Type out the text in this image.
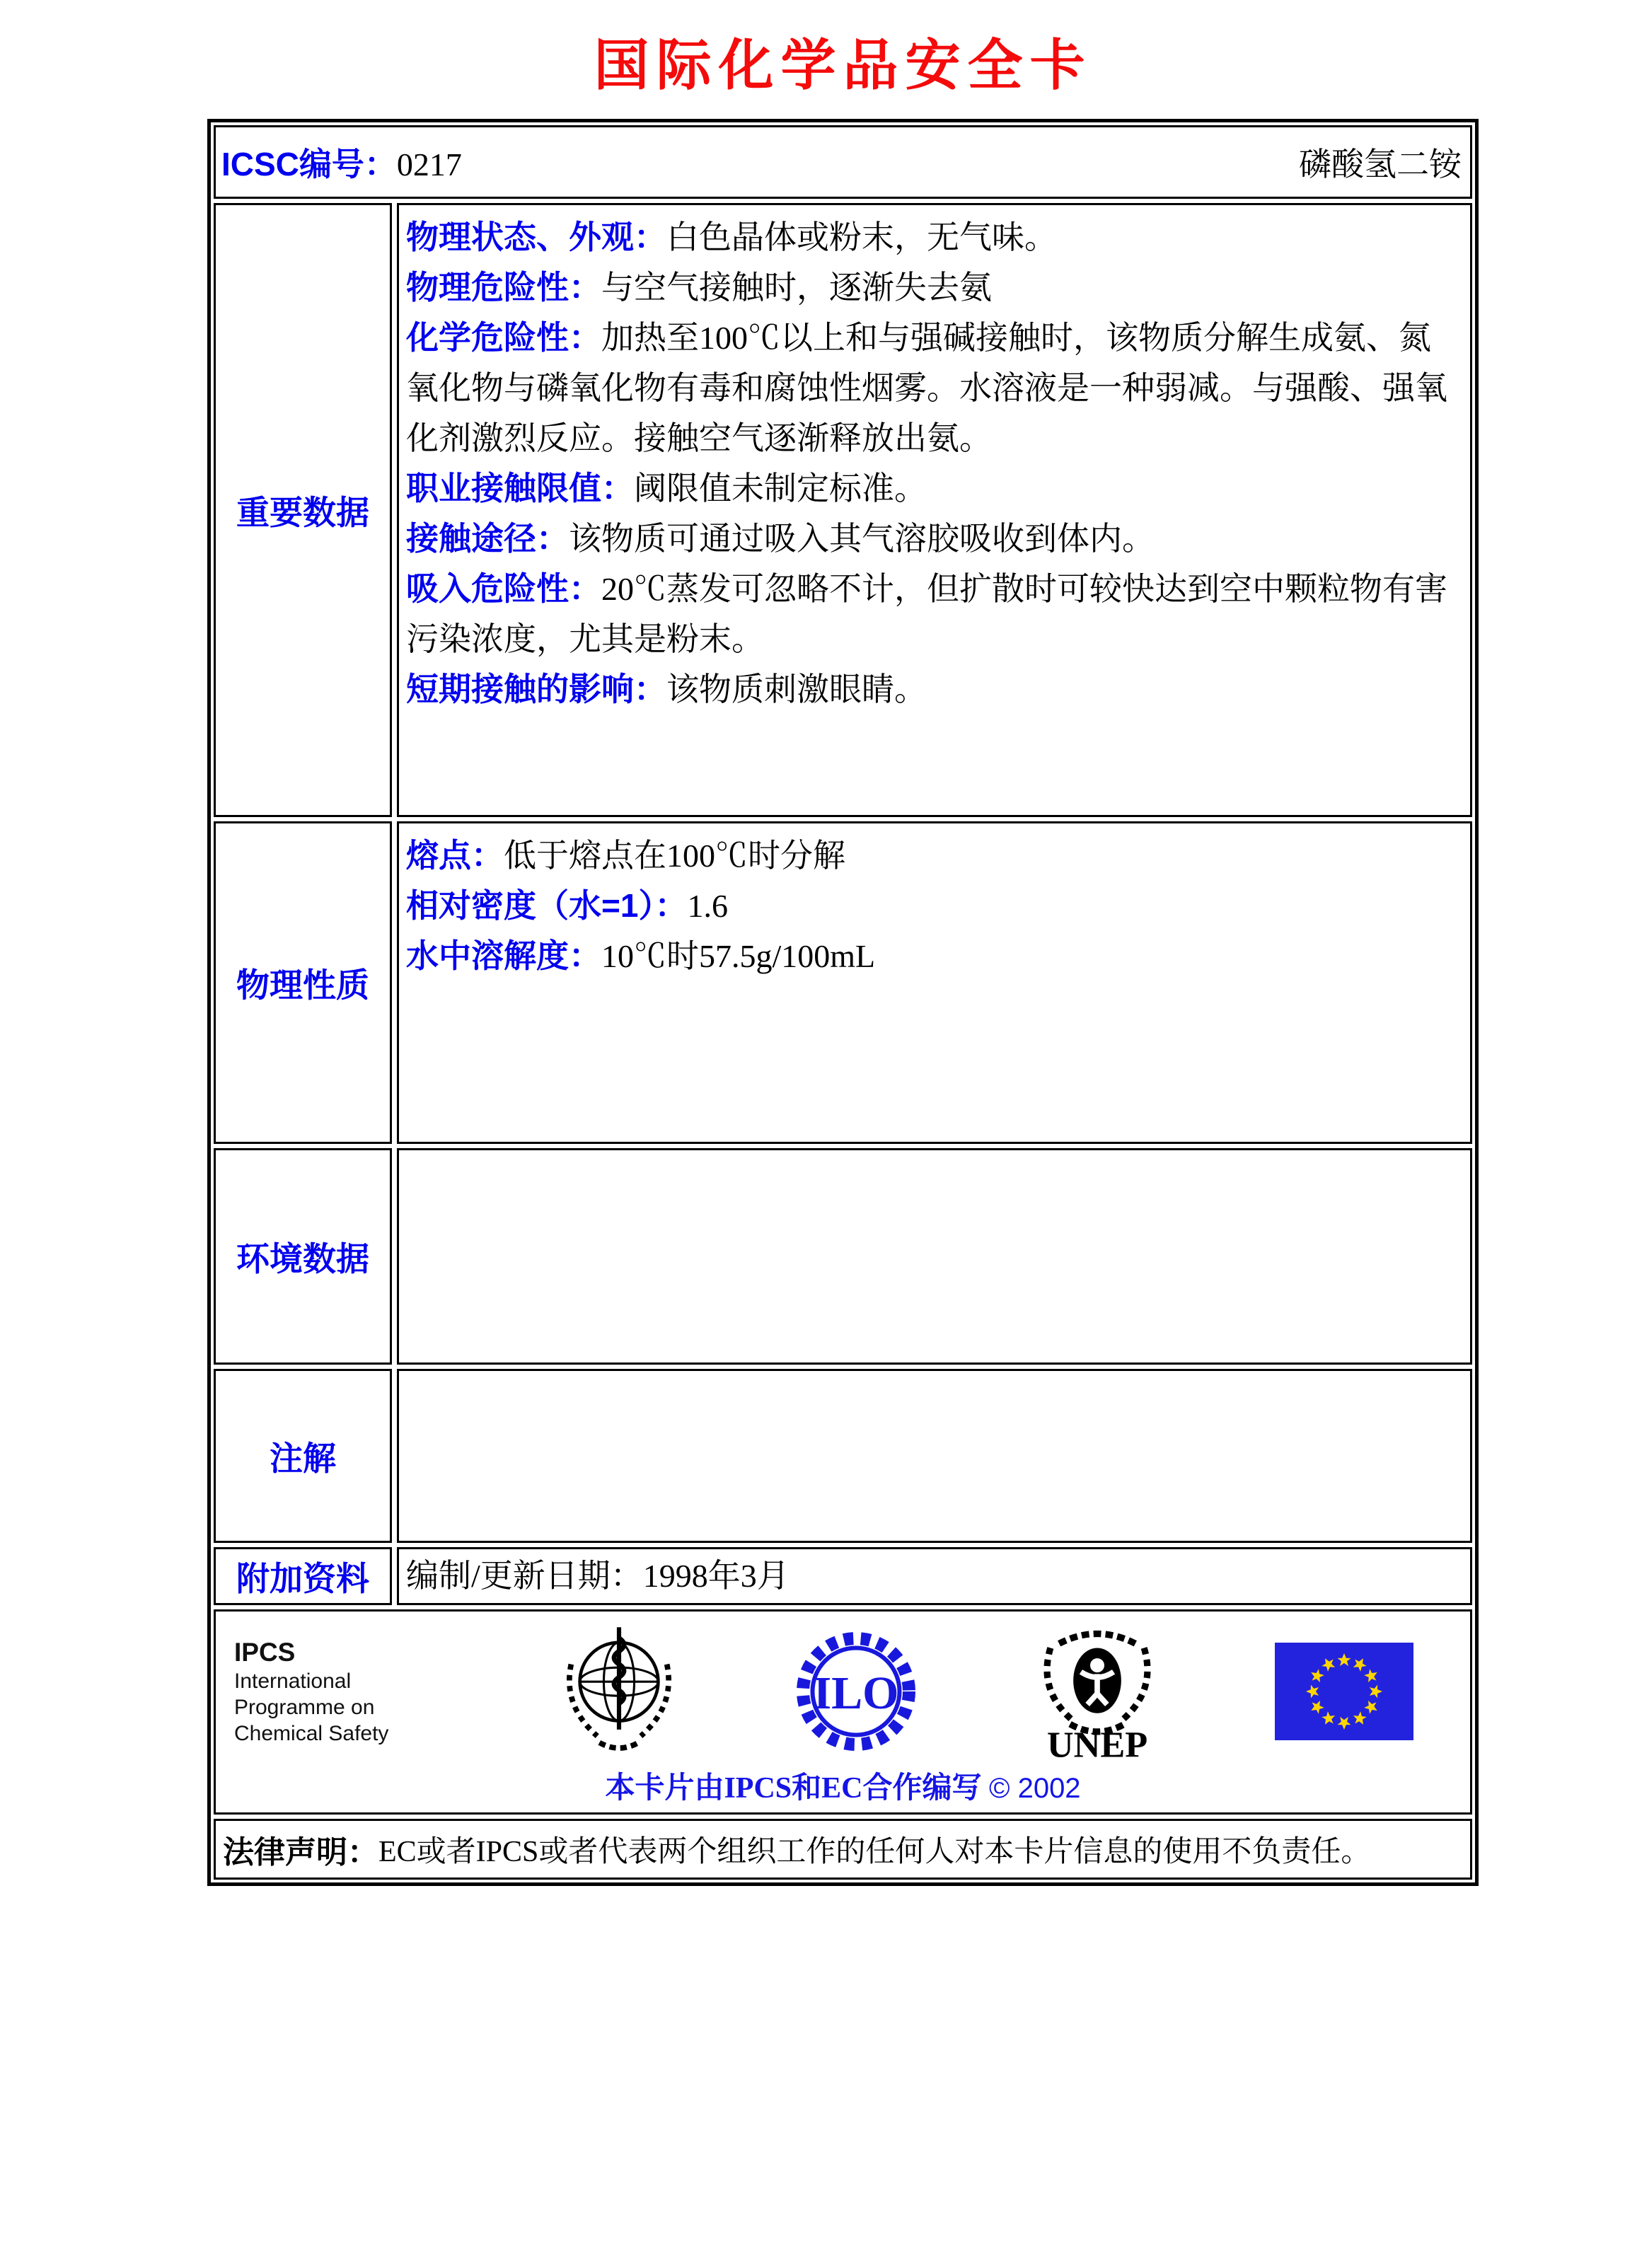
国际化学品安全卡
ICSC编号：0217	磷酸氢二铵
重要数据

物理状态、外观：白色晶体或粉末，无气味。

物理危险性：与空气接触时，逐渐失去氨

化学危险性：加热至100℃以上和与强碱接触时，该物质分解生成氨、氮氧化物与磷氧化物有毒和腐蚀性烟雾。水溶液是一种弱减。与强酸、强氧化剂激烈反应。接触空气逐渐释放出氨。

职业接触限值：阈限值未制定标准。

接触途径：该物质可通过吸入其气溶胶吸收到体内。

吸入危险性：20℃蒸发可忽略不计，但扩散时可较快达到空中颗粒物有害污染浓度，尤其是粉末。

短期接触的影响：该物质刺激眼睛。

物理性质

熔点：低于熔点在100℃时分解

相对密度（水=1）：1.6

水中溶解度：10℃时57.5g/100mL

环境数据
注解
附加资料	编制/更新日期：1998年3月

IPCS
International
Programme on
Chemical Safety
ILO
UNEP
本卡片由IPCS和EC合作编写 © 2002
法律声明： EC或者IPCS或者代表两个组织工作的任何人对本卡片信息的使用不负责任。
